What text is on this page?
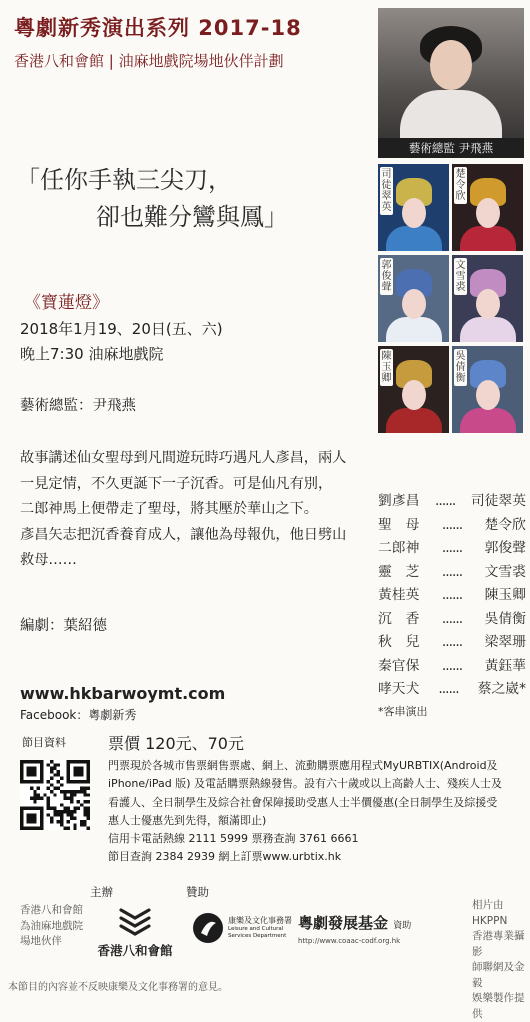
粵劇新秀演出系列 2017-18
香港八和會館 | 油麻地戲院場地伙伴計劃
藝術總監 尹飛燕
「任你手執三尖刀，
卻也難分鸞與鳳」
司徒翠英
楚令欣
郭俊聲
文雪裘
陳玉卿
吳倩衡
《寶蓮燈》
2018年1月19、20日(五、六)
晚上7:30 油麻地戲院
藝術總監：尹飛燕
故事講述仙女聖母到凡間遊玩時巧遇凡人彥昌，兩人
一見定情，不久更誕下一子沉香。可是仙凡有別，
二郎神馬上便帶走了聖母，將其壓於華山之下。
彥昌矢志把沉香養育成人，讓他為母報仇，他日劈山
救母……
編劇：葉紹德
劉彥昌 ...... 司徒翠英
聖　母 ...... 楚令欣
二郎神 ...... 郭俊聲
靈　芝 ...... 文雪裘
黃桂英 ...... 陳玉卿
沉　香 ...... 吳倩衡
秋　兒 ...... 梁翠珊
秦官保 ...... 黃鈺華
哮天犬 ...... 蔡之崴*
*客串演出
www.hkbarwoymt.com
Facebook：粵劇新秀
節目資料	票價 120元、70元

門票現於各城市售票網售票處、網上、流動購票應用程式MyURBTIX(Android及

iPhone/iPad 版) 及電話購票熱線發售。設有六十歲或以上高齡人士、殘疾人士及

看護人、全日制學生及綜合社會保障援助受惠人士半價優惠(全日制學生及綜援受

惠人士優惠先到先得，額滿即止)

信用卡電話熱線 2111 5999 票務查詢 3761 6661

節目查詢 2384 2939 網上訂票www.urbtix.hk

主辦	贊助
香港八和會館
為油麻地戲院
場地伙伴
香港八和會館
康樂及文化事務署
Leisure and Cultural Services Department
粵劇發展基金 資助
http://www.coaac-codf.org.hk
相片由HKPPN
香港專業攝影
師聯網及金毅
娛樂製作提供
本節目的內容並不反映康樂及文化事務署的意見。
